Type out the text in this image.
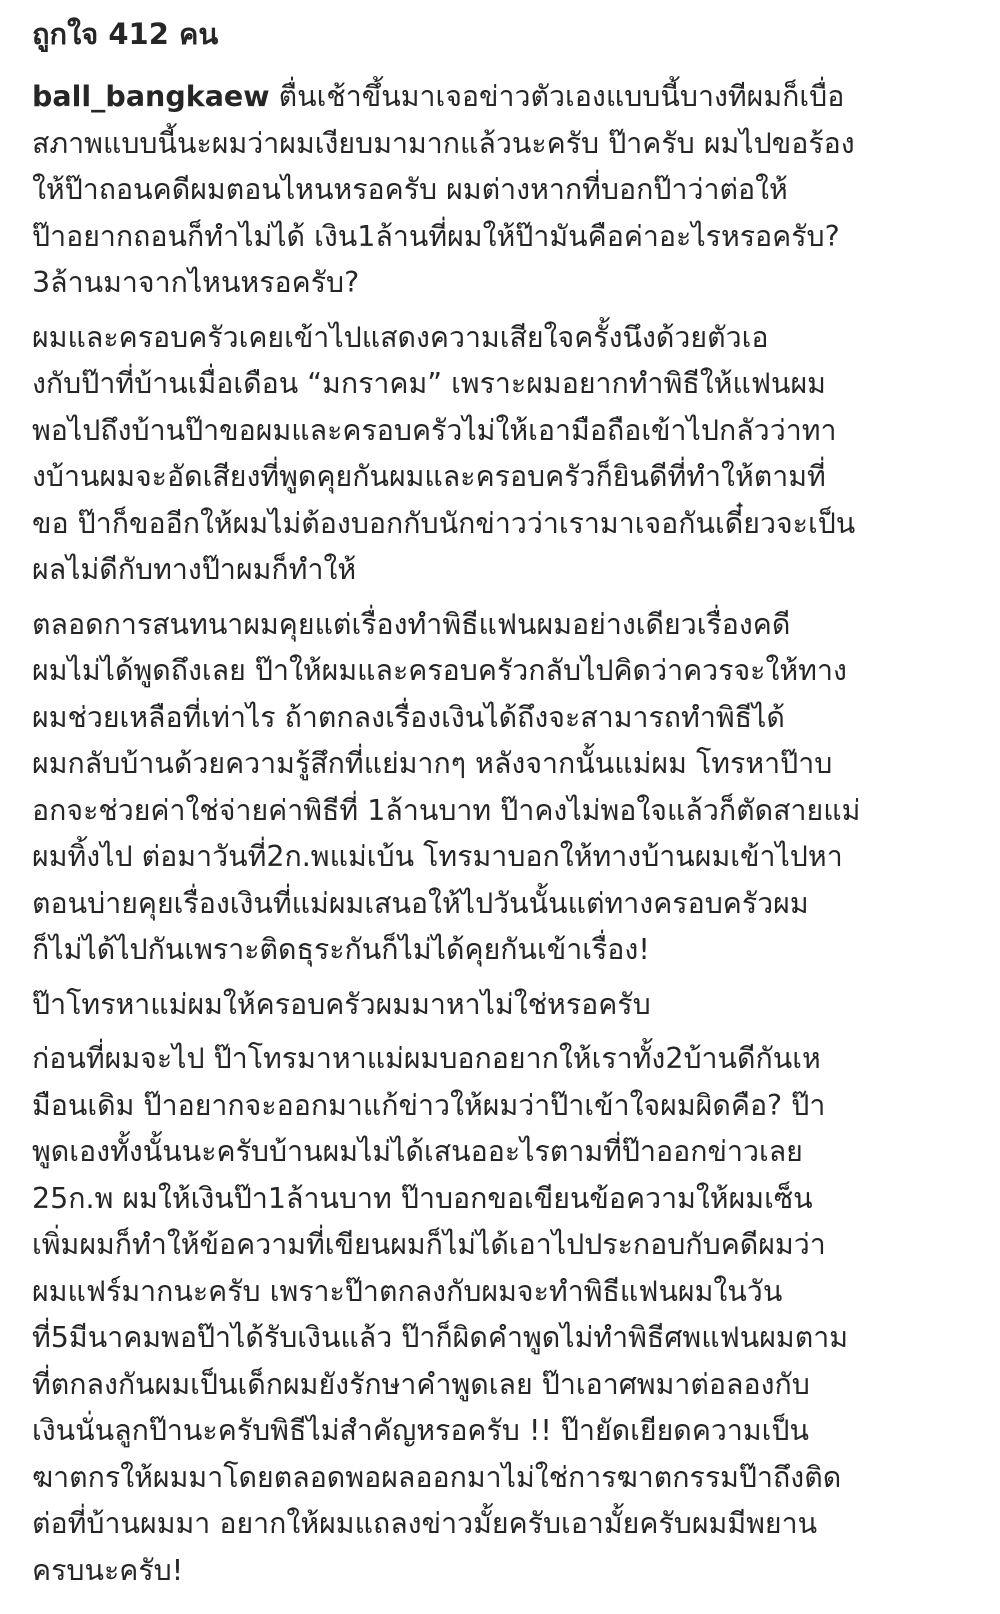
ถูกใจ 412 คน

ball_bangkaew ตื่นเช้าขึ้นมาเจอข่าวตัวเองแบบนี้บางทีผมก็เบื่อ
สภาพแบบนี้นะผมว่าผมเงียบมามากแล้วนะครับ ป๊าครับ ผมไปขอร้อง
ให้ป๊าถอนคดีผมตอนไหนหรอครับ ผมต่างหากที่บอกป๊าว่าต่อให้
ป๊าอยากถอนก็ทำไม่ได้ เงิน1ล้านที่ผมให้ป๊ามันคือค่าอะไรหรอครับ?
3ล้านมาจากไหนหรอครับ?

ผมและครอบครัวเคยเข้าไปแสดงความเสียใจครั้งนึงด้วยตัวเอ
งกับป๊าที่บ้านเมื่อเดือน “มกราคม” เพราะผมอยากทำพิธีให้แฟนผม
พอไปถึงบ้านป๊าขอผมและครอบครัวไม่ให้เอามือถือเข้าไปกลัวว่าทา
งบ้านผมจะอัดเสียงที่พูดคุยกันผมและครอบครัวก็ยินดีที่ทำให้ตามที่
ขอ ป๊าก็ขออีกให้ผมไม่ต้องบอกกับนักข่าวว่าเรามาเจอกันเดี๋ยวจะเป็น
ผลไม่ดีกับทางป๊าผมก็ทำให้

ตลอดการสนทนาผมคุยแต่เรื่องทำพิธีแฟนผมอย่างเดียวเรื่องคดี
ผมไม่ได้พูดถึงเลย ป๊าให้ผมและครอบครัวกลับไปคิดว่าควรจะให้ทาง
ผมช่วยเหลือที่เท่าไร ถ้าตกลงเรื่องเงินได้ถึงจะสามารถทำพิธีได้
ผมกลับบ้านด้วยความรู้สึกที่แย่มากๆ หลังจากนั้นแม่ผม โทรหาป๊าบ
อกจะช่วยค่าใช่จ่ายค่าพิธีที่ 1ล้านบาท ป๊าคงไม่พอใจแล้วก็ตัดสายแม่
ผมทิ้งไป ต่อมาวันที่2ก.พแม่เบ้น โทรมาบอกให้ทางบ้านผมเข้าไปหา
ตอนบ่ายคุยเรื่องเงินที่แม่ผมเสนอให้ไปวันนั้นแต่ทางครอบครัวผม
ก็ไม่ได้ไปกันเพราะติดธุระกันก็ไม่ได้คุยกันเข้าเรื่อง!

ป๊าโทรหาแม่ผมให้ครอบครัวผมมาหาไม่ใช่หรอครับ

ก่อนที่ผมจะไป ป๊าโทรมาหาแม่ผมบอกอยากให้เราทั้ง2บ้านดีกันเห
มือนเดิม ป๊าอยากจะออกมาแก้ข่าวให้ผมว่าป๊าเข้าใจผมผิดคือ? ป๊า
พูดเองทั้งนั้นนะครับบ้านผมไม่ได้เสนออะไรตามที่ป๊าออกข่าวเลย
25ก.พ ผมให้เงินป๊า1ล้านบาท ป๊าบอกขอเขียนข้อความให้ผมเซ็น
เพิ่มผมก็ทำให้ข้อความที่เขียนผมก็ไม่ได้เอาไปประกอบกับคดีผมว่า
ผมแฟร์มากนะครับ เพราะป๊าตกลงกับผมจะทำพิธีแฟนผมในวัน
ที่5มีนาคมพอป๊าได้รับเงินแล้ว ป๊าก็ผิดคำพูดไม่ทำพิธีศพแฟนผมตาม
ที่ตกลงกันผมเป็นเด็กผมยังรักษาคำพูดเลย ป๊าเอาศพมาต่อลองกับ
เงินนั่นลูกป๊านะครับพิธีไม่สำคัญหรอครับ !! ป๊ายัดเยียดความเป็น
ฆาตกรให้ผมมาโดยตลอดพอผลออกมาไม่ใช่การฆาตกรรมป๊าถึงติด
ต่อที่บ้านผมมา อยากให้ผมแถลงข่าวมั้ยครับเอามั้ยครับผมมีพยาน
ครบนะครับ!
